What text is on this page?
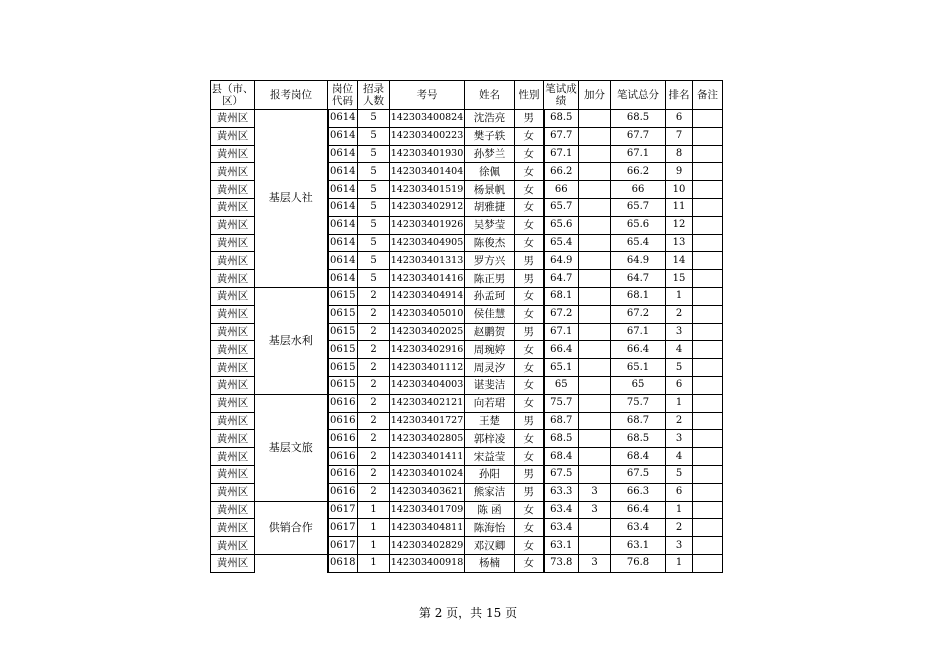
县（市、区）	报考岗位	岗位代码	招录人数	考号	姓名	性别	笔试成绩	加分	笔试总分	排名	备注
黄州区	基层人社	0614	5	142303400824	沈浩亮	男	68.5		68.5	6	
黄州区		0614	5	142303400223	樊子轶	女	67.7		67.7	7	
黄州区		0614	5	142303401930	孙梦兰	女	67.1		67.1	8	
黄州区		0614	5	142303401404	徐佩	女	66.2		66.2	9	
黄州区		0614	5	142303401519	杨景帆	女	66		66	10	
黄州区		0614	5	142303402912	胡雅捷	女	65.7		65.7	11	
黄州区		0614	5	142303401926	吴梦莹	女	65.6		65.6	12	
黄州区		0614	5	142303404905	陈俊杰	女	65.4		65.4	13	
黄州区		0614	5	142303401313	罗方兴	男	64.9		64.9	14	
黄州区		0614	5	142303401416	陈正男	男	64.7		64.7	15	
黄州区	基层水利	0615	2	142303404914	孙孟珂	女	68.1		68.1	1	
黄州区		0615	2	142303405010	侯佳慧	女	67.2		67.2	2	
黄州区		0615	2	142303402025	赵鹏贺	男	67.1		67.1	3	
黄州区		0615	2	142303402916	周琬婷	女	66.4		66.4	4	
黄州区		0615	2	142303401112	周灵汐	女	65.1		65.1	5	
黄州区		0615	2	142303404003	谌斐洁	女	65		65	6	
黄州区	基层文旅	0616	2	142303402121	向若珺	女	75.7		75.7	1	
黄州区		0616	2	142303401727	王楚	男	68.7		68.7	2	
黄州区		0616	2	142303402805	郭梓凌	女	68.5		68.5	3	
黄州区		0616	2	142303401411	宋益莹	女	68.4		68.4	4	
黄州区		0616	2	142303401024	孙阳	男	67.5		67.5	5	
黄州区		0616	2	142303403621	熊家洁	男	63.3	3	66.3	6	
黄州区	供销合作	0617	1	142303401709	陈 函	女	63.4	3	66.4	1	
黄州区		0617	1	142303404811	陈海怡	女	63.4		63.4	2	
黄州区		0617	1	142303402829	邓汉卿	女	63.1		63.1	3	
黄州区		0618	1	142303400918	杨楠	女	73.8	3	76.8	1	
第 2 页，共 15 页
